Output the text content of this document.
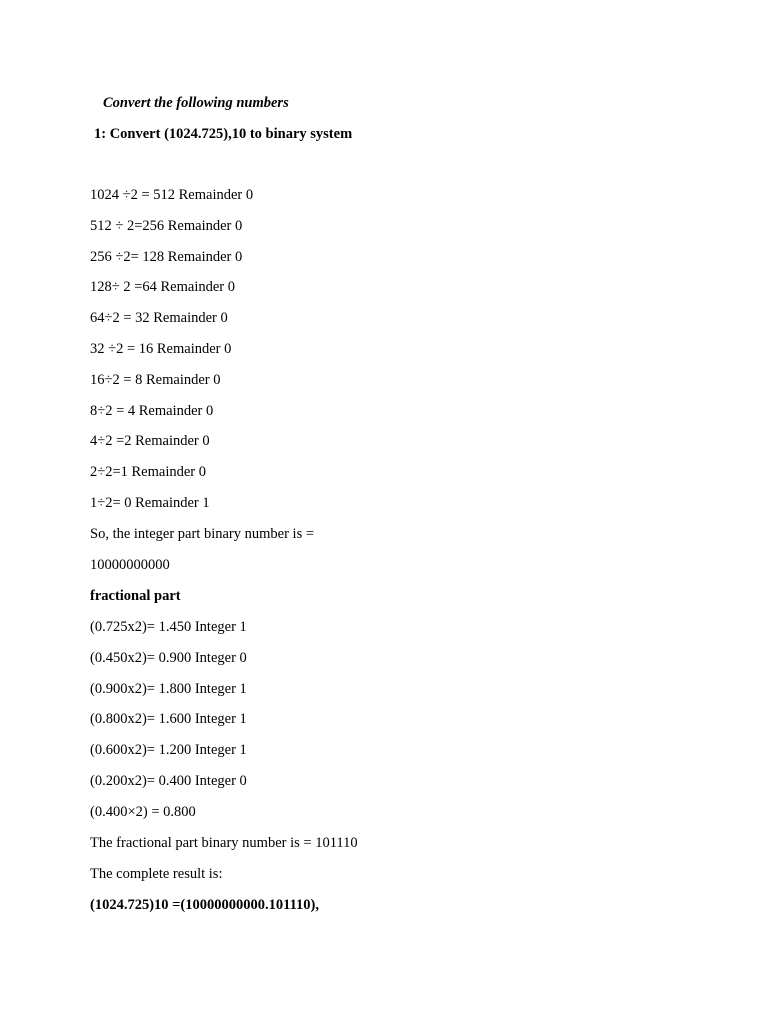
Convert the following numbers
1: Convert (1024.725),10 to binary system
1024 ÷2 = 512 Remainder 0
512 ÷ 2=256 Remainder 0
256 ÷2= 128 Remainder 0
128÷ 2 =64 Remainder 0
64÷2 = 32 Remainder 0
32 ÷2 = 16 Remainder 0
16÷2 = 8 Remainder 0
8÷2 = 4 Remainder 0
4÷2 =2 Remainder 0
2÷2=1 Remainder 0
1÷2= 0 Remainder 1
So, the integer part binary number is =
10000000000
fractional part
(0.725x2)= 1.450 Integer 1
(0.450x2)= 0.900 Integer 0
(0.900x2)= 1.800 Integer 1
(0.800x2)= 1.600 Integer 1
(0.600x2)= 1.200 Integer 1
(0.200x2)= 0.400 Integer 0
(0.400×2) = 0.800
The fractional part binary number is = 101110
The complete result is:
(1024.725)10 =(10000000000.101110),
